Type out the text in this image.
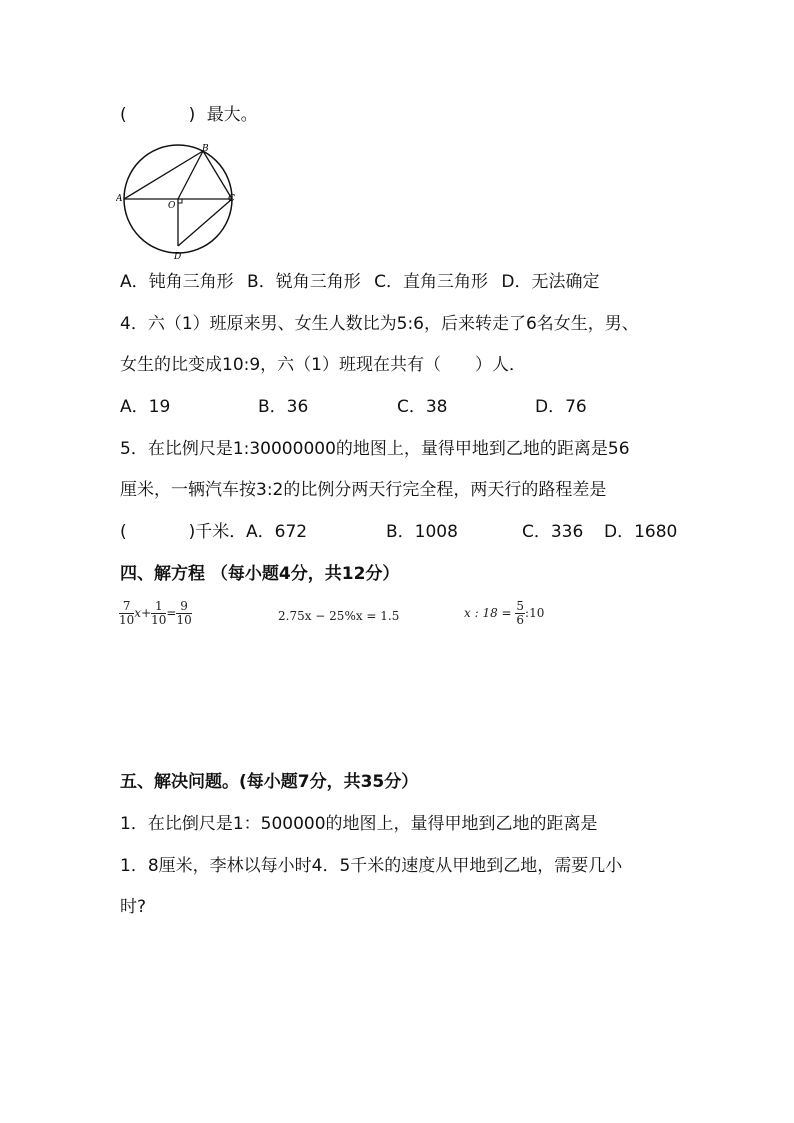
(	) 最大。
A
B
C
D
O
A．钝角三角形 B．锐角三角形 C．直角三角形 D．无法确定
4．六（1）班原来男、女生人数比为5:6，后来转走了6名女生，男、
女生的比变成10:9，六（1）班现在共有（　　）人．
A．19	B．36	C．38	D．76
5．在比例尺是1:30000000的地图上，量得甲地到乙地的距离是56
厘米，一辆汽车按3:2的比例分两天行完全程，两天行的路程差是
(	)千米． A．672	B．1008	C．336 D．1680
四、解方程 （每小题4分，共12分）
$\frac{7}{10} x+ \frac{1}{10} = \frac{9}{10}$	2.75x − 25%x = 1.5	x : $18 = \frac{5}{6}$ :10
五、解决问题。(每小题7分，共35分）
1．在比倒尺是1：500000的地图上，量得甲地到乙地的距离是
1．8厘米，李林以每小时4．5千米的速度从甲地到乙地，需要几小
时?
